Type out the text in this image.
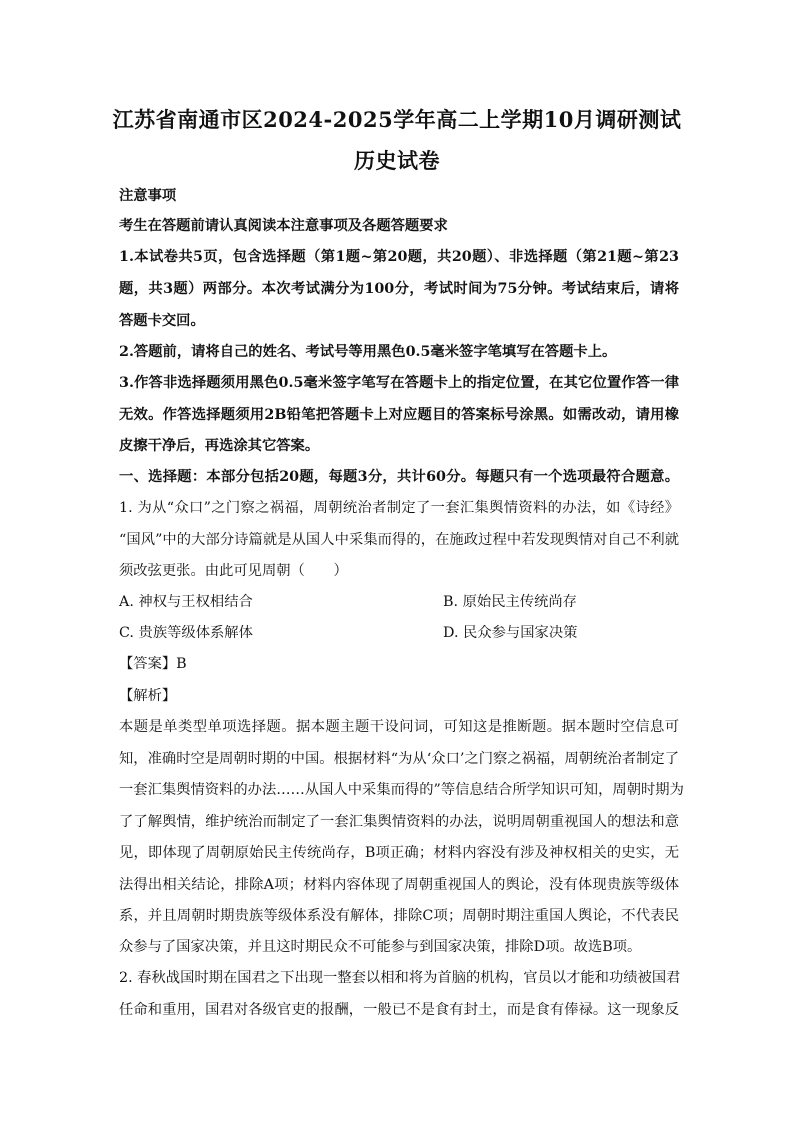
江苏省南通市区2024-2025学年高二上学期10月调研测试
历史试卷
注意事项
考生在答题前请认真阅读本注意事项及各题答题要求
1.本试卷共5页，包含选择题（第1题~第20题，共20题）、非选择题（第21题~第23
题，共3题）两部分。本次考试满分为100分，考试时间为75分钟。考试结束后，请将
答题卡交回。
2.答题前，请将自己的姓名、考试号等用黑色0.5毫米签字笔填写在答题卡上。
3.作答非选择题须用黑色0.5毫米签字笔写在答题卡上的指定位置，在其它位置作答一律
无效。作答选择题须用2B铅笔把答题卡上对应题目的答案标号涂黑。如需改动，请用橡
皮擦干净后，再选涂其它答案。
一、选择题：本部分包括20题，每题3分，共计60分。每题只有一个选项最符合题意。
1. 为从“众口”之门察之祸福，周朝统治者制定了一套汇集舆情资料的办法，如《诗经》
“国风”中的大部分诗篇就是从国人中采集而得的，在施政过程中若发现舆情对自己不利就
须改弦更张。由此可见周朝（　　）
A. 神权与王权相结合	B. 原始民主传统尚存
C. 贵族等级体系解体	D. 民众参与国家决策
【答案】B
【解析】
本题是单类型单项选择题。据本题主题干设问词，可知这是推断题。据本题时空信息可
知，准确时空是周朝时期的中国。根据材料“为从‘众口’之门察之祸福，周朝统治者制定了
一套汇集舆情资料的办法……从国人中采集而得的”等信息结合所学知识可知，周朝时期为
了了解舆情，维护统治而制定了一套汇集舆情资料的办法，说明周朝重视国人的想法和意
见，即体现了周朝原始民主传统尚存，B项正确；材料内容没有涉及神权相关的史实，无
法得出相关结论，排除A项；材料内容体现了周朝重视国人的舆论，没有体现贵族等级体
系，并且周朝时期贵族等级体系没有解体，排除C项；周朝时期注重国人舆论，不代表民
众参与了国家决策，并且这时期民众不可能参与到国家决策，排除D项。故选B项。
2. 春秋战国时期在国君之下出现一整套以相和将为首脑的机构，官员以才能和功绩被国君
任命和重用，国君对各级官吏的报酬，一般已不是食有封土，而是食有俸禄。这一现象反
